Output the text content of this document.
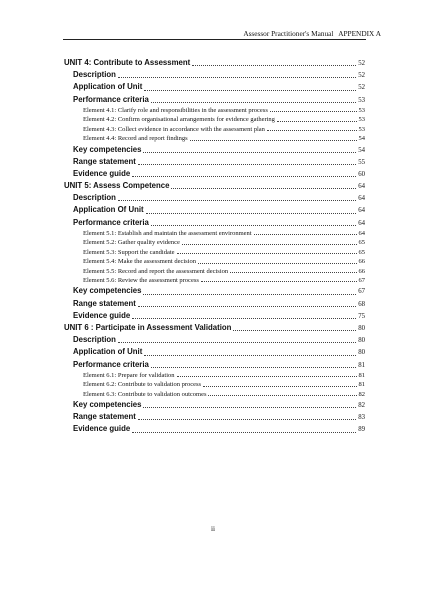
Assessor Practitioner's Manual APPENDIX A
UNIT 4: Contribute to Assessment	52
Description	52
Application of Unit	52
Performance criteria	53
Element 4.1: Clarify role and responsibilities in the assessment process	53
Element 4.2: Confirm organisational arrangements for evidence gathering	53
Element 4.3: Collect evidence in accordance with the assessment plan	53
Element 4.4: Record and report findings	54
Key competencies	54
Range statement	55
Evidence guide	60
UNIT 5: Assess Competence	64
Description	64
Application Of Unit	64
Performance criteria	64
Element 5.1: Establish and maintain the assessment environment	64
Element 5.2: Gather quality evidence	65
Element 5.3: Support the candidate	65
Element 5.4: Make the assessment decision	66
Element 5.5: Record and report the assessment decision	66
Element 5.6: Review the assessment process	67
Key competencies	67
Range statement	68
Evidence guide	75
UNIT 6 : Participate in Assessment Validation	80
Description	80
Application of Unit	80
Performance criteria	81
Element 6.1: Prepare for validation	81
Element 6.2: Contribute to validation process	81
Element 6.3: Contribute to validation outcomes	82
Key competencies	82
Range statement	83
Evidence guide	89
ii
